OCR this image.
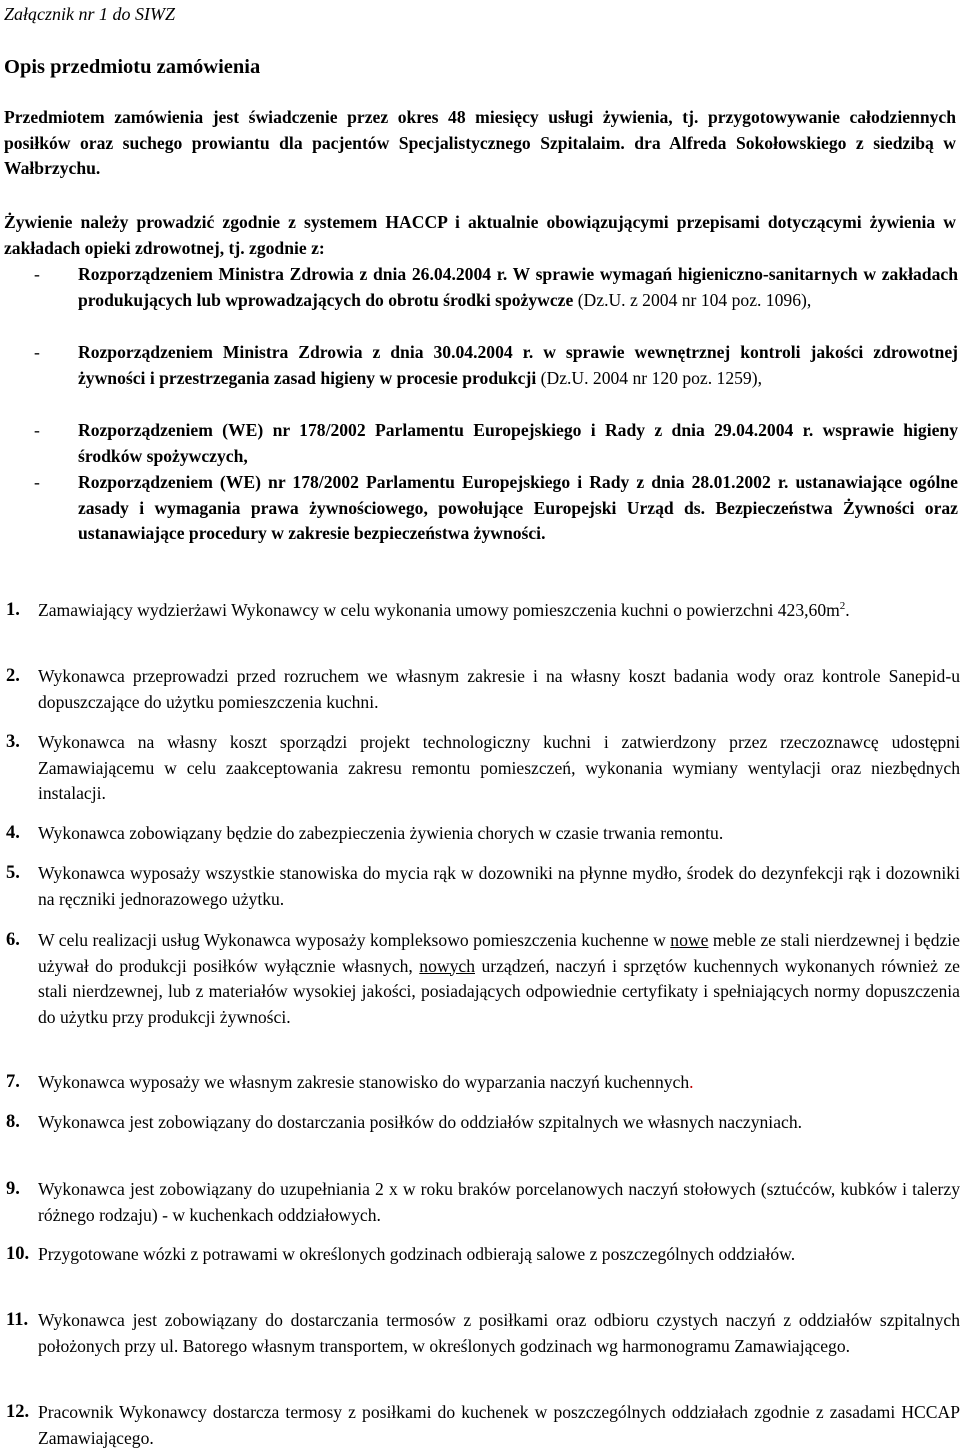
Załącznik nr 1 do SIWZ
Opis przedmiotu zamówienia
Przedmiotem zamówienia jest świadczenie przez okres 48 miesięcy usługi żywienia, tj. przygotowywanie całodziennych posiłków oraz suchego prowiantu dla pacjentów Specjalistycznego Szpitalaim. dra Alfreda Sokołowskiego z siedzibą w Wałbrzychu.
Żywienie należy prowadzić zgodnie z systemem HACCP i aktualnie obowiązującymi przepisami dotyczącymi żywienia w zakładach opieki zdrowotnej, tj. zgodnie z:
- Rozporządzeniem Ministra Zdrowia z dnia 26.04.2004 r. W sprawie wymagań higieniczno-sanitarnych w zakładach produkujących lub wprowadzających do obrotu środki spożywcze (Dz.U. z 2004 nr 104 poz. 1096),
- Rozporządzeniem Ministra Zdrowia z dnia 30.04.2004 r. w sprawie wewnętrznej kontroli jakości zdrowotnej żywności i przestrzegania zasad higieny w procesie produkcji (Dz.U. 2004 nr 120 poz. 1259),
- Rozporządzeniem (WE) nr 178/2002 Parlamentu Europejskiego i Rady z dnia 29.04.2004 r. wsprawie higieny środków spożywczych,
- Rozporządzeniem (WE) nr 178/2002 Parlamentu Europejskiego i Rady z dnia 28.01.2002 r. ustanawiające ogólne zasady i wymagania prawa żywnościowego, powołujące Europejski Urząd ds. Bezpieczeństwa Żywności oraz ustanawiające procedury w zakresie bezpieczeństwa żywności.
1. Zamawiający wydzierżawi Wykonawcy w celu wykonania umowy pomieszczenia kuchni o powierzchni $423,60m^2$.
2. Wykonawca przeprowadzi przed rozruchem we własnym zakresie i na własny koszt badania wody oraz kontrole Sanepid-u dopuszczające do użytku pomieszczenia kuchni.
3. Wykonawca na własny koszt sporządzi projekt technologiczny kuchni i zatwierdzony przez rzeczoznawcę udostępni Zamawiającemu w celu zaakceptowania zakresu remontu pomieszczeń, wykonania wymiany wentylacji oraz niezbędnych instalacji.
4. Wykonawca zobowiązany będzie do zabezpieczenia żywienia chorych w czasie trwania remontu.
5. Wykonawca wyposaży wszystkie stanowiska do mycia rąk w dozowniki na płynne mydło, środek do dezynfekcji rąk i dozowniki na ręczniki jednorazowego użytku.
6. W celu realizacji usług Wykonawca wyposaży kompleksowo pomieszczenia kuchenne w nowe meble ze stali nierdzewnej i będzie używał do produkcji posiłków wyłącznie własnych, nowych urządzeń, naczyń i sprzętów kuchennych wykonanych również ze stali nierdzewnej, lub z materiałów wysokiej jakości, posiadających odpowiednie certyfikaty i spełniających normy dopuszczenia do użytku przy produkcji żywności.
7. Wykonawca wyposaży we własnym zakresie stanowisko do wyparzania naczyń kuchennych.
8. Wykonawca jest zobowiązany do dostarczania posiłków do oddziałów szpitalnych we własnych naczyniach.
9. Wykonawca jest zobowiązany do uzupełniania 2 x w roku braków porcelanowych naczyń stołowych (sztućców, kubków i talerzy różnego rodzaju) - w kuchenkach oddziałowych.
10. Przygotowane wózki z potrawami w określonych godzinach odbierają salowe z poszczególnych oddziałów.
11. Wykonawca jest zobowiązany do dostarczania termosów z posiłkami oraz odbioru czystych naczyń z oddziałów szpitalnych położonych przy ul. Batorego własnym transportem, w określonych godzinach wg harmonogramu Zamawiającego.
12. Pracownik Wykonawcy dostarcza termosy z posiłkami do kuchenek w poszczególnych oddziałach zgodnie z zasadami HCCAP Zamawiającego.
